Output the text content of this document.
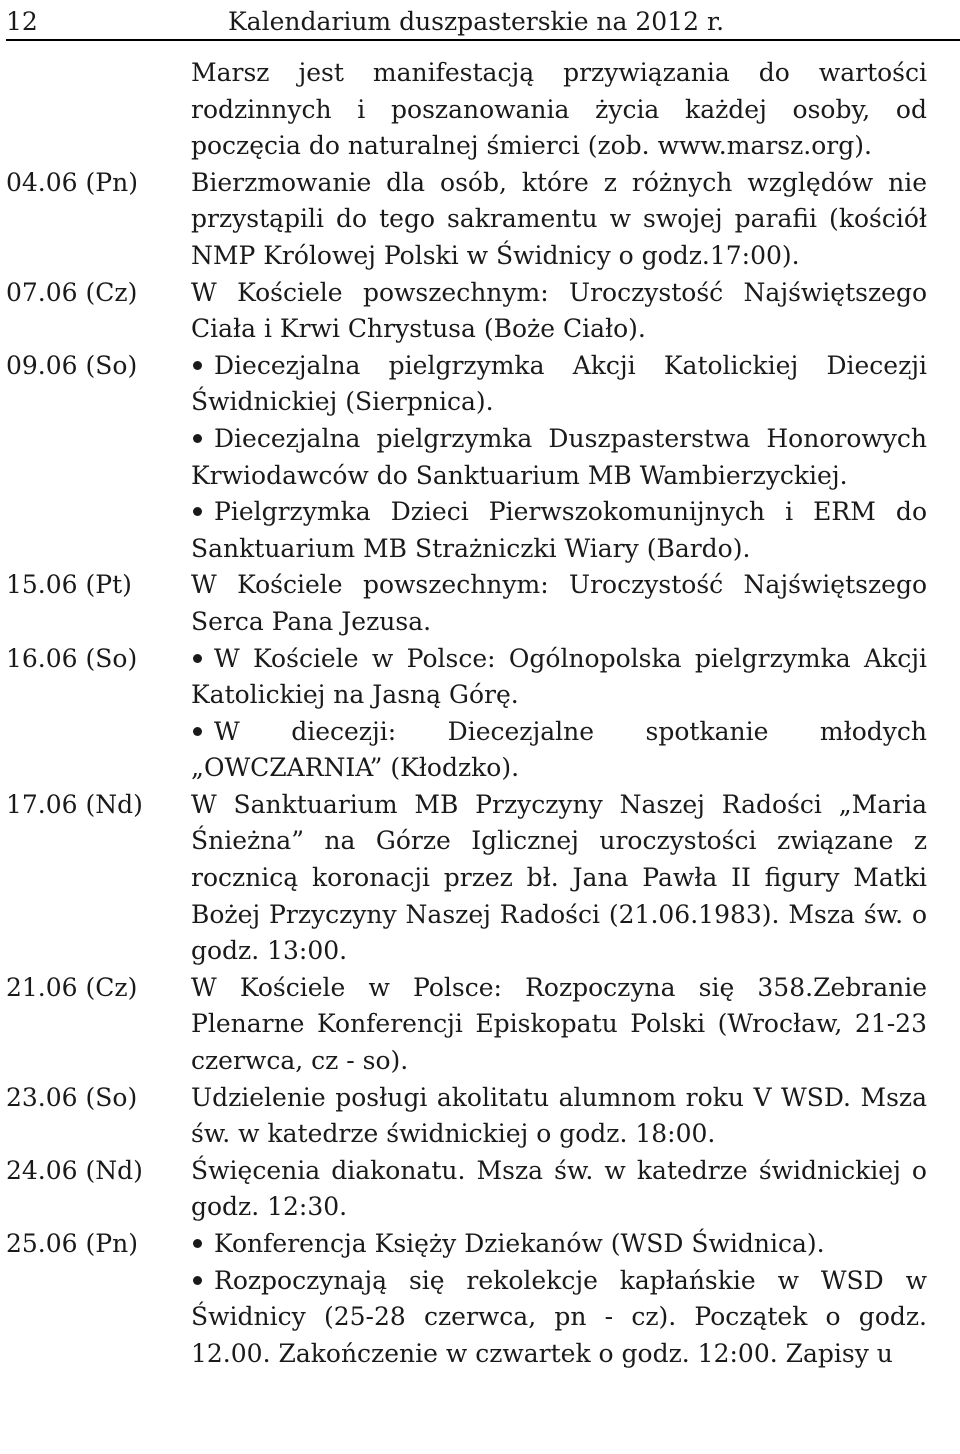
12	Kalendarium duszpasterskie na 2012 r.

Marsz jest manifestacją przywiązania do wartości rodzinnych i poszanowania życia każdej osoby, od poczęcia do naturalnej śmierci (zob. www.marsz.org).

04.06 (Pn)	Bierzmowanie dla osób, które z różnych względów nie przystąpili do tego sakramentu w swojej parafii (kościół NMP Królowej Polski w Świdnicy o godz.17:00).

07.06 (Cz)	W Kościele powszechnym: Uroczystość Najświętszego Ciała i Krwi Chrystusa (Boże Ciało).

09.06 (So)	Diecezjalna pielgrzymka Akcji Katolickiej Diecezji Świdnickiej (Sierpnica).

Diecezjalna pielgrzymka Duszpasterstwa Honorowych Krwiodawców do Sanktuarium MB Wambierzyckiej.

Pielgrzymka Dzieci Pierwszokomunijnych i ERM do Sanktuarium MB Strażniczki Wiary (Bardo).

15.06 (Pt)	W Kościele powszechnym: Uroczystość Najświętszego Serca Pana Jezusa.

16.06 (So)	W Kościele w Polsce: Ogólnopolska pielgrzymka Akcji Katolickiej na Jasną Górę.

W diecezji: Diecezjalne spotkanie młodych „OWCZARNIA” (Kłodzko).

17.06 (Nd)	W Sanktuarium MB Przyczyny Naszej Radości „Maria Śnieżna” na Górze Iglicznej uroczystości związane z rocznicą koronacji przez bł. Jana Pawła II figury Matki Bożej Przyczyny Naszej Radości (21.06.1983). Msza św. o godz. 13:00.

21.06 (Cz)	W Kościele w Polsce: Rozpoczyna się 358.Zebranie Plenarne Konferencji Episkopatu Polski (Wrocław, 21-23 czerwca, cz - so).

23.06 (So)	Udzielenie posługi akolitatu alumnom roku V WSD. Msza św. w katedrze świdnickiej o godz. 18:00.

24.06 (Nd)	Święcenia diakonatu. Msza św. w katedrze świdnickiej o godz. 12:30.

25.06 (Pn)	Konferencja Księży Dziekanów (WSD Świdnica).

Rozpoczynają się rekolekcje kapłańskie w WSD w Świdnicy (25-28 czerwca, pn - cz). Początek o godz. 12.00. Zakończenie w czwartek o godz. 12:00. Zapisy u
